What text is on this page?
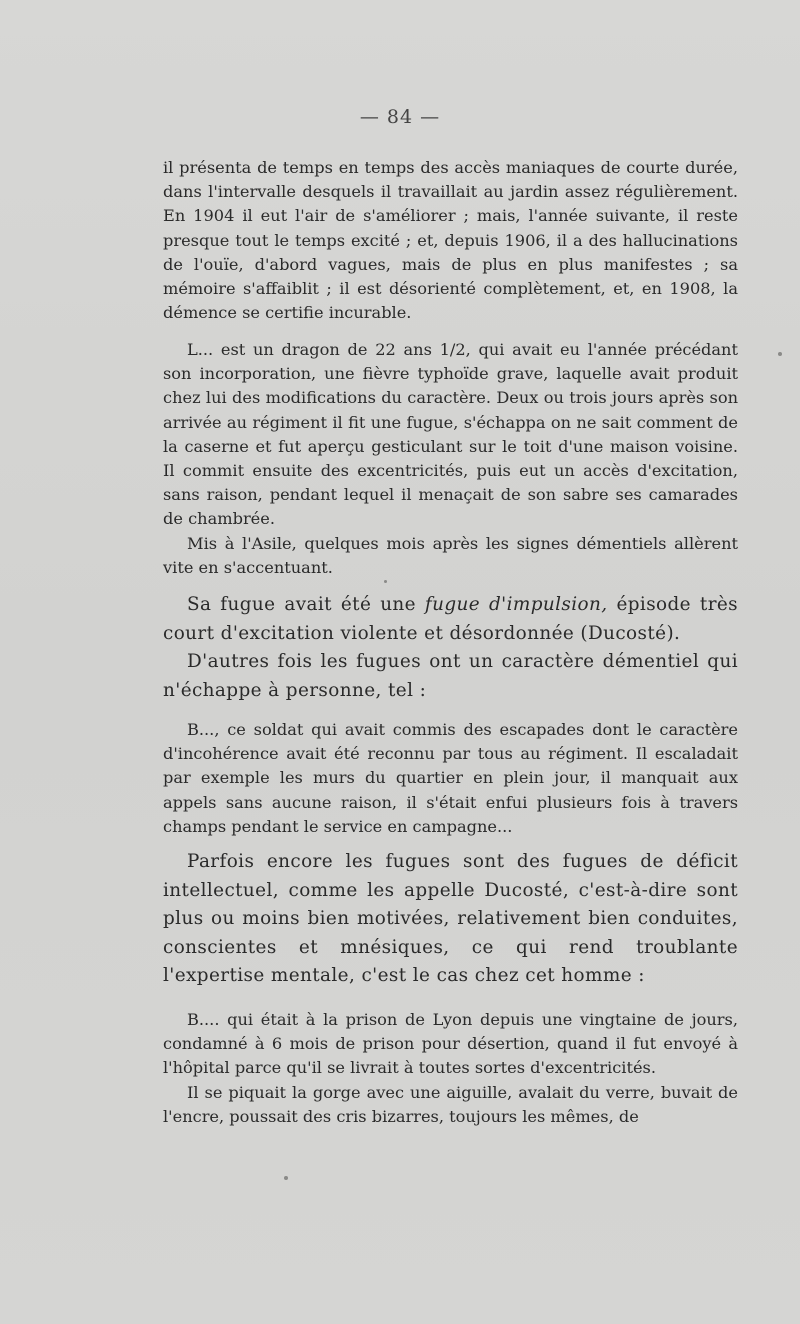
— 84 —

il présenta de temps en temps des accès maniaques de courte durée, dans l'intervalle desquels il travaillait au jardin assez régulièrement. En 1904 il eut l'air de s'améliorer ; mais, l'année suivante, il reste presque tout le temps excité ; et, depuis 1906, il a des hallucinations de l'ouïe, d'abord vagues, mais de plus en plus manifestes ; sa mémoire s'affaiblit ; il est désorienté complètement, et, en 1908, la démence se certifie incurable.

L... est un dragon de 22 ans 1/2, qui avait eu l'année précédant son incorporation, une fièvre typhoïde grave, laquelle avait produit chez lui des modifications du caractère. Deux ou trois jours après son arrivée au régiment il fit une fugue, s'échappa on ne sait comment de la caserne et fut aperçu gesticulant sur le toit d'une maison voisine. Il commit ensuite des excentricités, puis eut un accès d'excitation, sans raison, pendant lequel il menaçait de son sabre ses camarades de chambrée.

Mis à l'Asile, quelques mois après les signes démentiels allèrent vite en s'accentuant.

Sa fugue avait été une fugue d'impulsion, épisode très court d'excitation violente et désordonnée (Ducosté).

D'autres fois les fugues ont un caractère démentiel qui n'échappe à personne, tel :

B..., ce soldat qui avait commis des escapades dont le caractère d'incohérence avait été reconnu par tous au régiment. Il escaladait par exemple les murs du quartier en plein jour, il manquait aux appels sans aucune raison, il s'était enfui plusieurs fois à travers champs pendant le service en campagne...

Parfois encore les fugues sont des fugues de déficit intellectuel, comme les appelle Ducosté, c'est-à-dire sont plus ou moins bien motivées, relativement bien conduites, conscientes et mnésiques, ce qui rend troublante l'expertise mentale, c'est le cas chez cet homme :

B.... qui était à la prison de Lyon depuis une vingtaine de jours, condamné à 6 mois de prison pour désertion, quand il fut envoyé à l'hôpital parce qu'il se livrait à toutes sortes d'excentricités.

Il se piquait la gorge avec une aiguille, avalait du verre, buvait de l'encre, poussait des cris bizarres, toujours les mêmes, de
